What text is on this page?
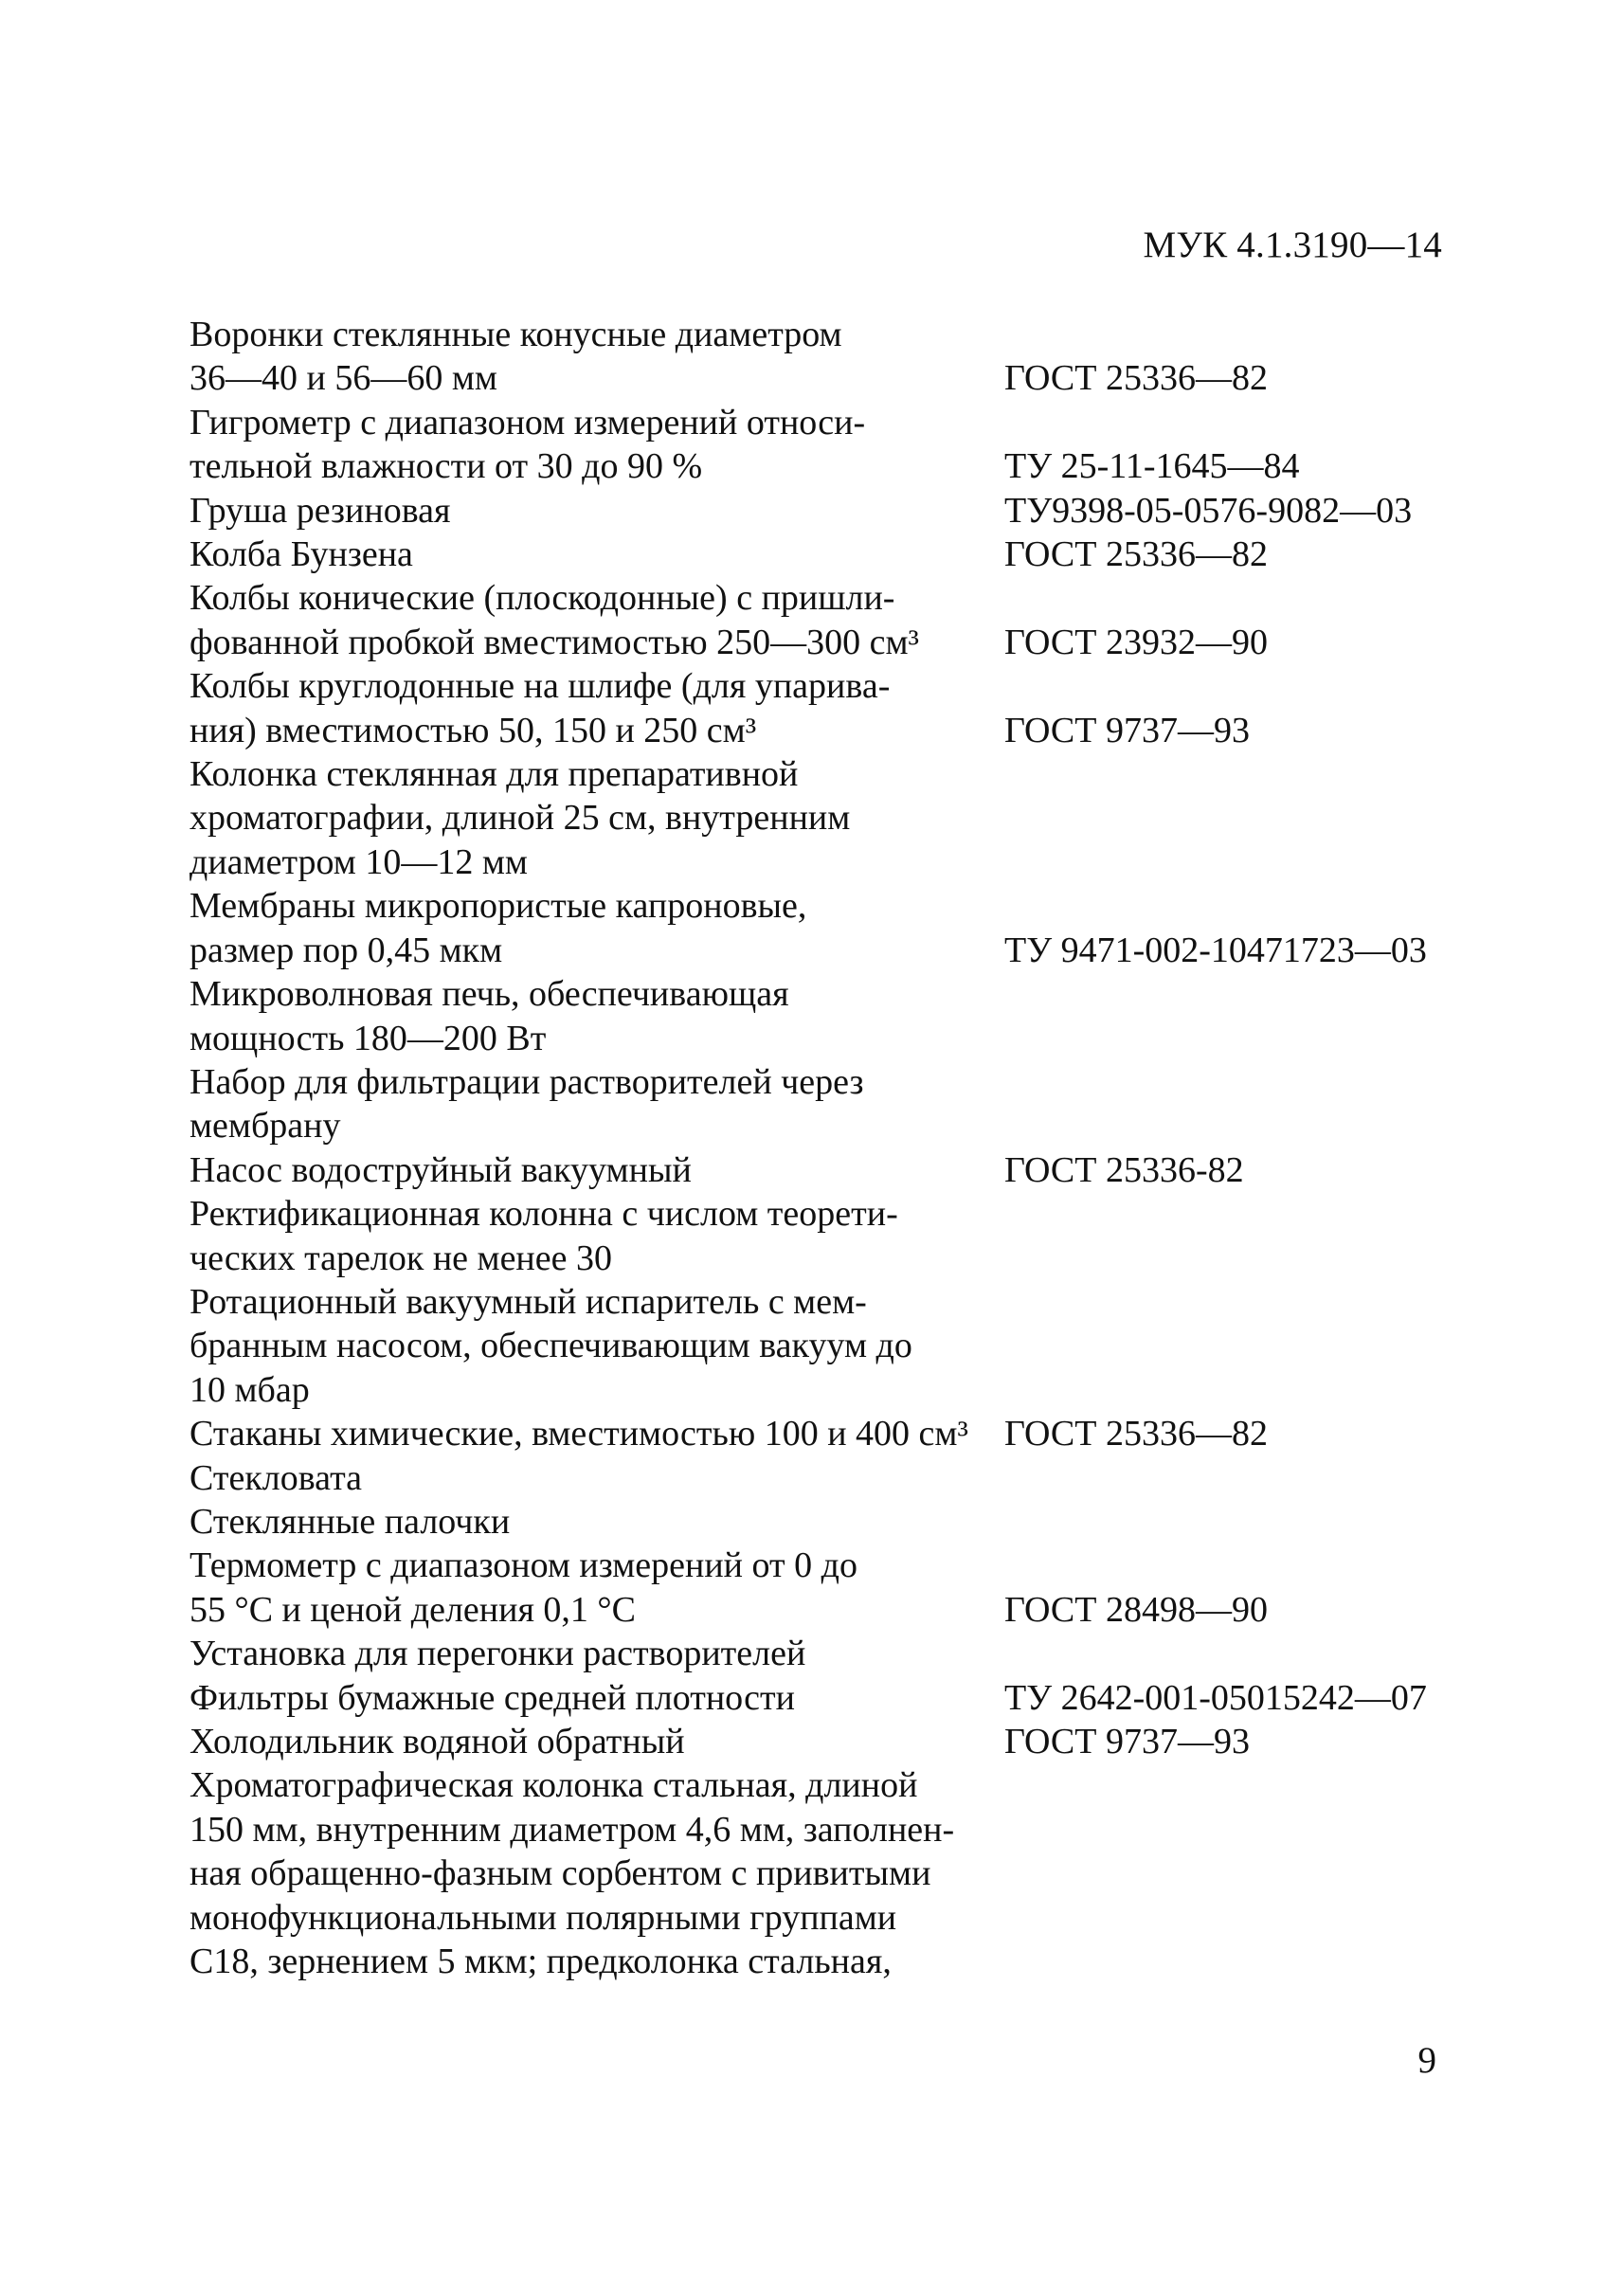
МУК 4.1.3190—14
Воронки стеклянные конусные диаметром
36—40 и 56—60 мм	ГОСТ 25336—82
Гигрометр с диапазоном измерений относи-
тельной влажности от 30 до 90 %	ТУ 25-11-1645—84
Груша резиновая	ТУ9398-05-0576-9082—03
Колба Бунзена	ГОСТ 25336—82
Колбы конические (плоскодонные) с пришли-
фованной пробкой вместимостью 250—300 см³	ГОСТ 23932—90
Колбы круглодонные на шлифе (для упарива-
ния) вместимостью 50, 150 и 250 см³	ГОСТ 9737—93
Колонка стеклянная для препаративной
хроматографии, длиной 25 см, внутренним
диаметром 10—12 мм
Мембраны микропористые капроновые,
размер пор 0,45 мкм	ТУ 9471-002-10471723—03
Микроволновая печь, обеспечивающая
мощность 180—200 Вт
Набор для фильтрации растворителей через
мембрану
Насос водоструйный вакуумный	ГОСТ 25336-82
Ректификационная колонна с числом теорети-
ческих тарелок не менее 30
Ротационный вакуумный испаритель с мем-
бранным насосом, обеспечивающим вакуум до
10 мбар
Стаканы химические, вместимостью 100 и 400 см³	ГОСТ 25336—82
Стекловата
Стеклянные палочки
Термометр с диапазоном измерений от 0 до
55 °С и ценой деления 0,1 °С	ГОСТ 28498—90
Установка для перегонки растворителей
Фильтры бумажные средней плотности	ТУ 2642-001-05015242—07
Холодильник водяной обратный	ГОСТ 9737—93
Хроматографическая колонка стальная, длиной
150 мм, внутренним диаметром 4,6 мм, заполнен-
ная обращенно-фазным сорбентом с привитыми
монофункциональными полярными группами
С18, зернением 5 мкм; предколонка стальная,
9
